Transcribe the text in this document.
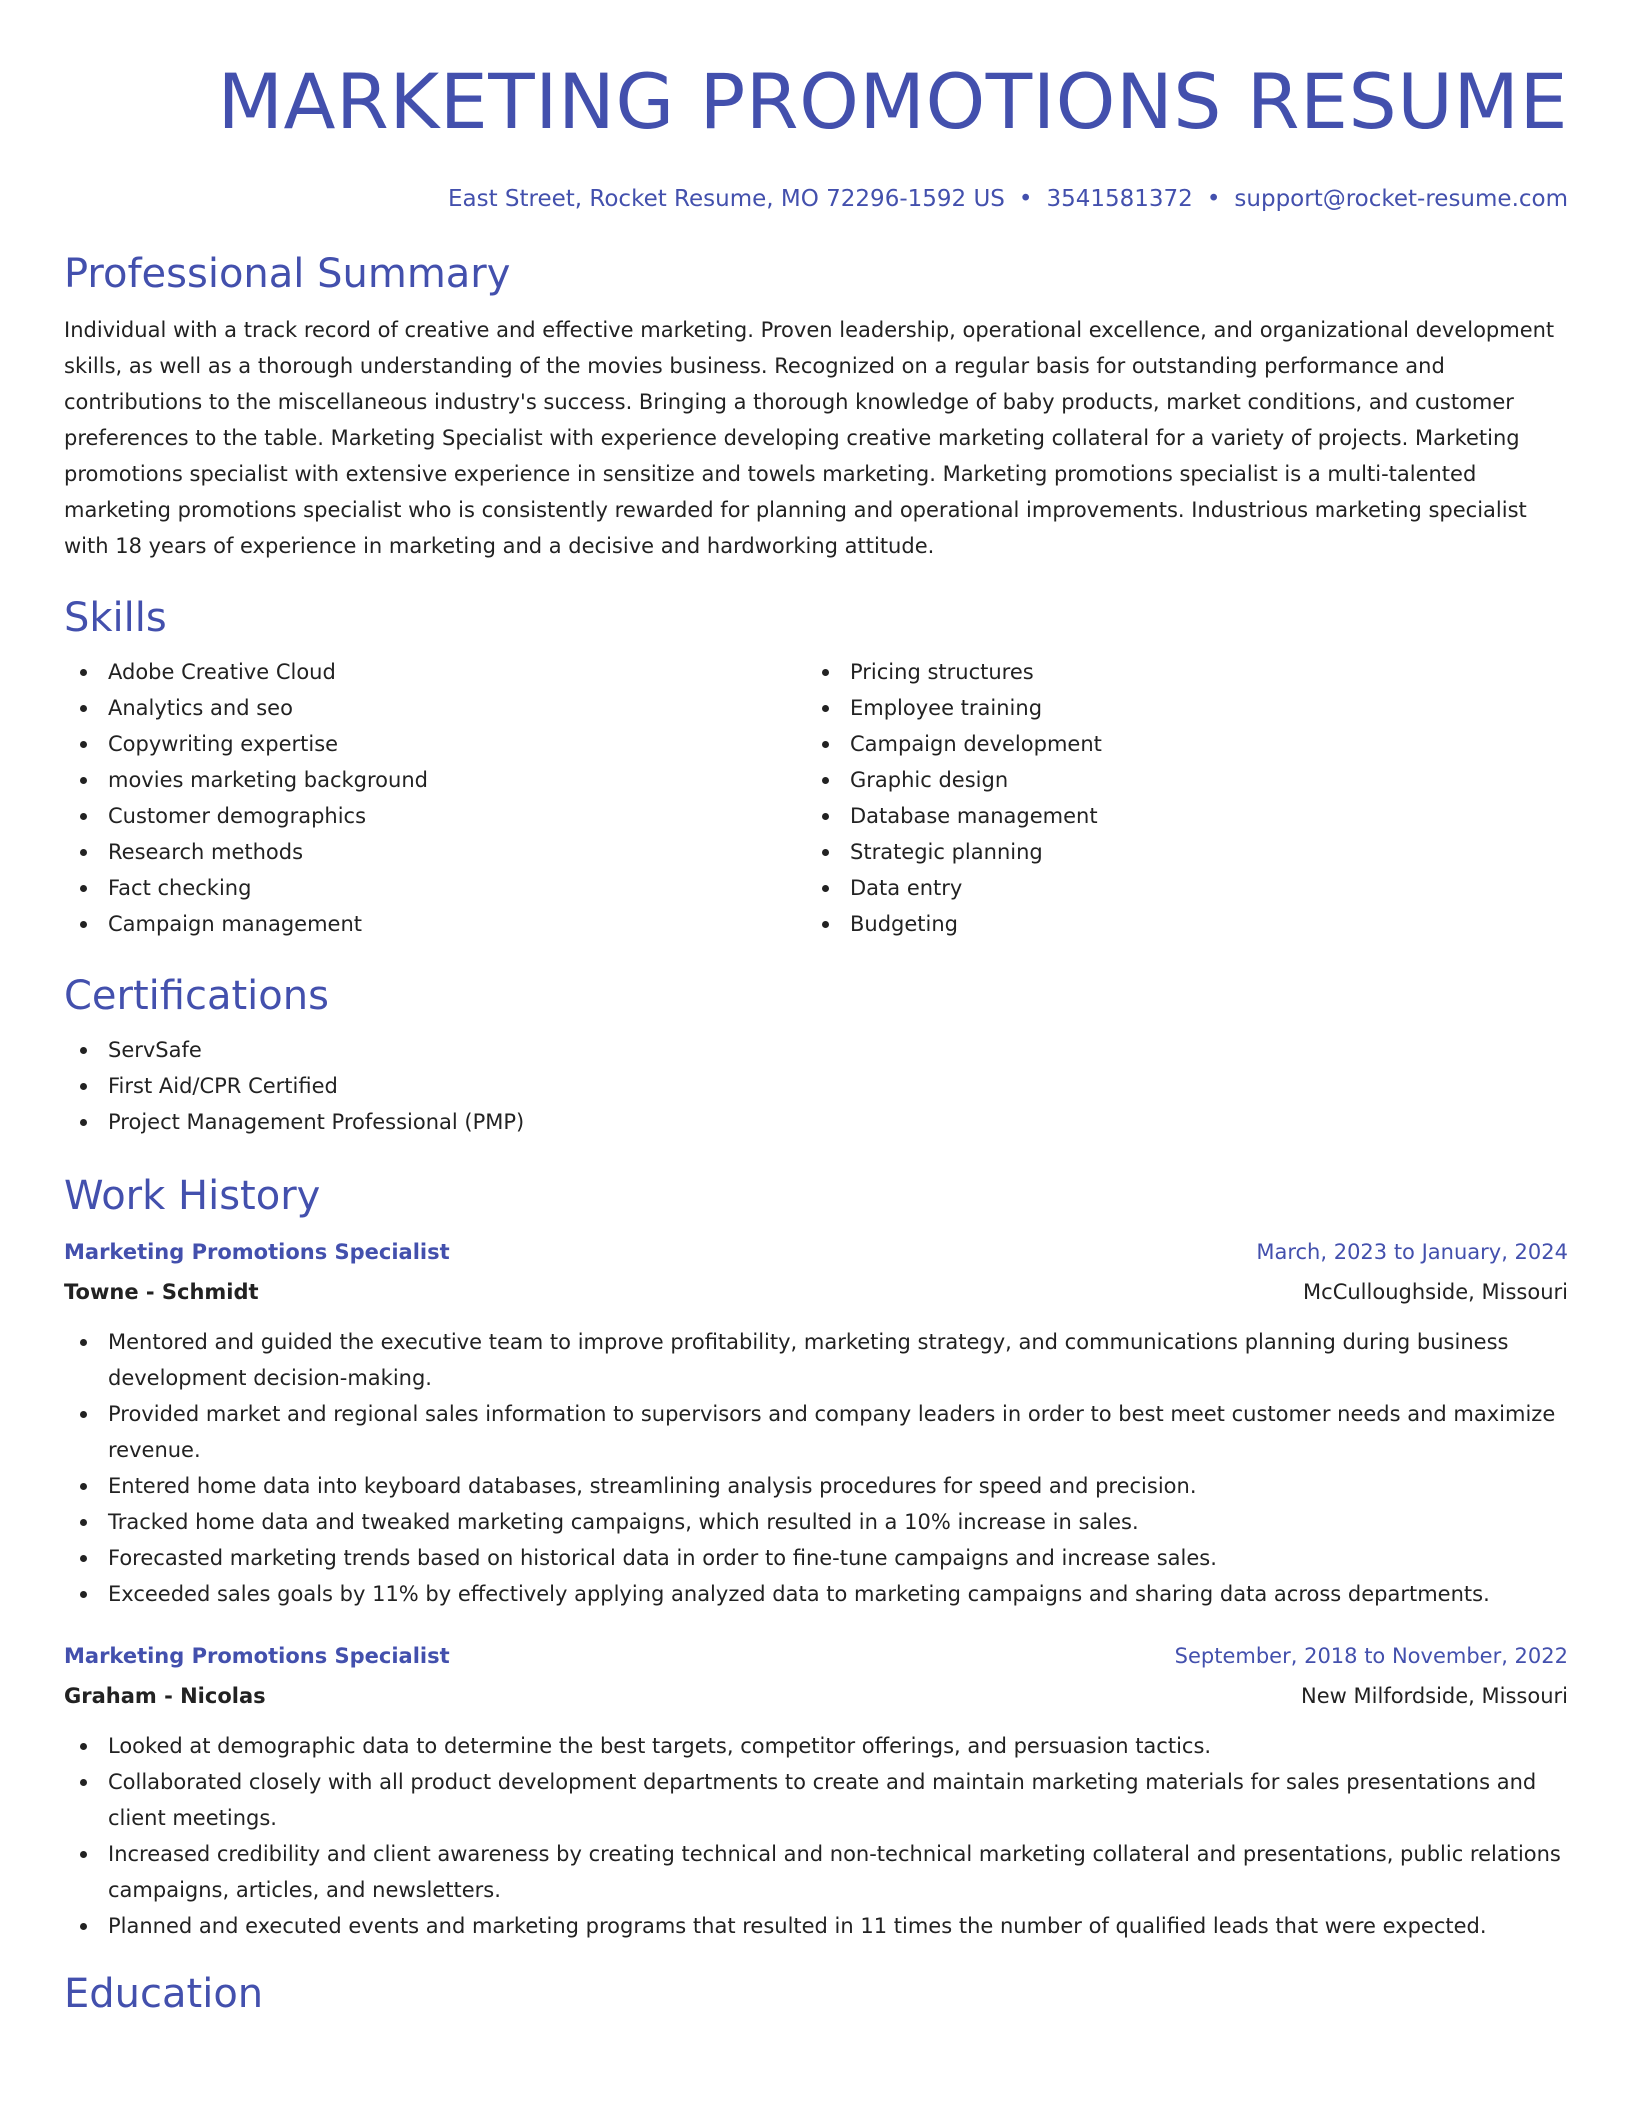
MARKETING PROMOTIONS RESUME
East Street, Rocket Resume, MO 72296-1592 US • 3541581372 • support@rocket-resume.com
Professional Summary

Individual with a track record of creative and effective marketing. Proven leadership, operational excellence, and organizational development skills, as well as a thorough understanding of the movies business. Recognized on a regular basis for outstanding performance and contributions to the miscellaneous industry's success. Bringing a thorough knowledge of baby products, market conditions, and customer preferences to the table. Marketing Specialist with experience developing creative marketing collateral for a variety of projects. Marketing promotions specialist with extensive experience in sensitize and towels marketing. Marketing promotions specialist is a multi-talented marketing promotions specialist who is consistently rewarded for planning and operational improvements. Industrious marketing specialist with 18 years of experience in marketing and a decisive and hardworking attitude.

Skills
Adobe Creative Cloud
Analytics and seo
Copywriting expertise
movies marketing background
Customer demographics
Research methods
Fact checking
Campaign management
Pricing structures
Employee training
Campaign development
Graphic design
Database management
Strategic planning
Data entry
Budgeting
Certifications
ServSafe
First Aid/CPR Certified
Project Management Professional (PMP)
Work History
Marketing Promotions Specialist	March, 2023 to January, 2024
Towne - Schmidt	McCulloughside, Missouri
Mentored and guided the executive team to improve profitability, marketing strategy, and communications planning during business development decision-making.
Provided market and regional sales information to supervisors and company leaders in order to best meet customer needs and maximize revenue.
Entered home data into keyboard databases, streamlining analysis procedures for speed and precision.
Tracked home data and tweaked marketing campaigns, which resulted in a 10% increase in sales.
Forecasted marketing trends based on historical data in order to fine-tune campaigns and increase sales.
Exceeded sales goals by 11% by effectively applying analyzed data to marketing campaigns and sharing data across departments.
Marketing Promotions Specialist	September, 2018 to November, 2022
Graham - Nicolas	New Milfordside, Missouri
Looked at demographic data to determine the best targets, competitor offerings, and persuasion tactics.
Collaborated closely with all product development departments to create and maintain marketing materials for sales presentations and client meetings.
Increased credibility and client awareness by creating technical and non-technical marketing collateral and presentations, public relations campaigns, articles, and newsletters.
Planned and executed events and marketing programs that resulted in 11 times the number of qualified leads that were expected.
Education
